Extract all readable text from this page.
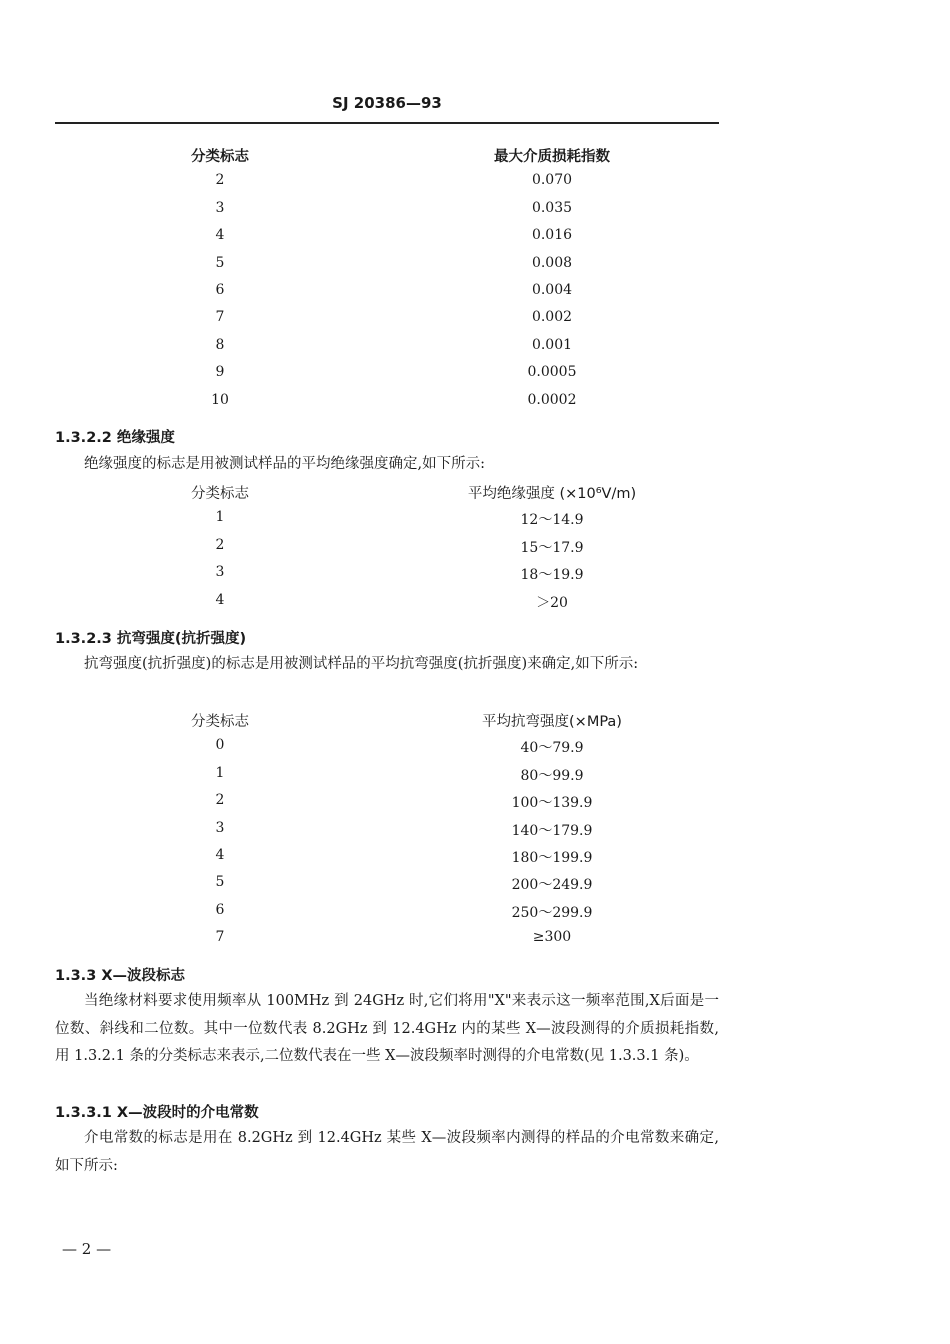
SJ 20386—93
分类标志	最大介质损耗指数
2	0.070
3	0.035
4	0.016
5	0.008
6	0.004
7	0.002
8	0.001
9	0.0005
10	0.0002
1.3.2.2 绝缘强度
绝缘强度的标志是用被测试样品的平均绝缘强度确定,如下所示:
分类标志	平均绝缘强度 (×10⁶V/m)
1	12～14.9
2	15～17.9
3	18～19.9
4	＞20
1.3.2.3 抗弯强度(抗折强度)
抗弯强度(抗折强度)的标志是用被测试样品的平均抗弯强度(抗折强度)来确定,如下所示:
分类标志	平均抗弯强度(×MPa)
0	40～79.9
1	80～99.9
2	100～139.9
3	140～179.9
4	180～199.9
5	200～249.9
6	250～299.9
7	≥300
1.3.3 X—波段标志
当绝缘材料要求使用频率从 100MHz 到 24GHz 时,它们将用"X"来表示这一频率范围,X后面是一位数、斜线和二位数。其中一位数代表 8.2GHz 到 12.4GHz 内的某些 X—波段测得的介质损耗指数,用 1.3.2.1 条的分类标志来表示,二位数代表在一些 X—波段频率时测得的介电常数(见 1.3.3.1 条)。
1.3.3.1 X—波段时的介电常数
介电常数的标志是用在 8.2GHz 到 12.4GHz 某些 X—波段频率内测得的样品的介电常数来确定,如下所示:
— 2 —
